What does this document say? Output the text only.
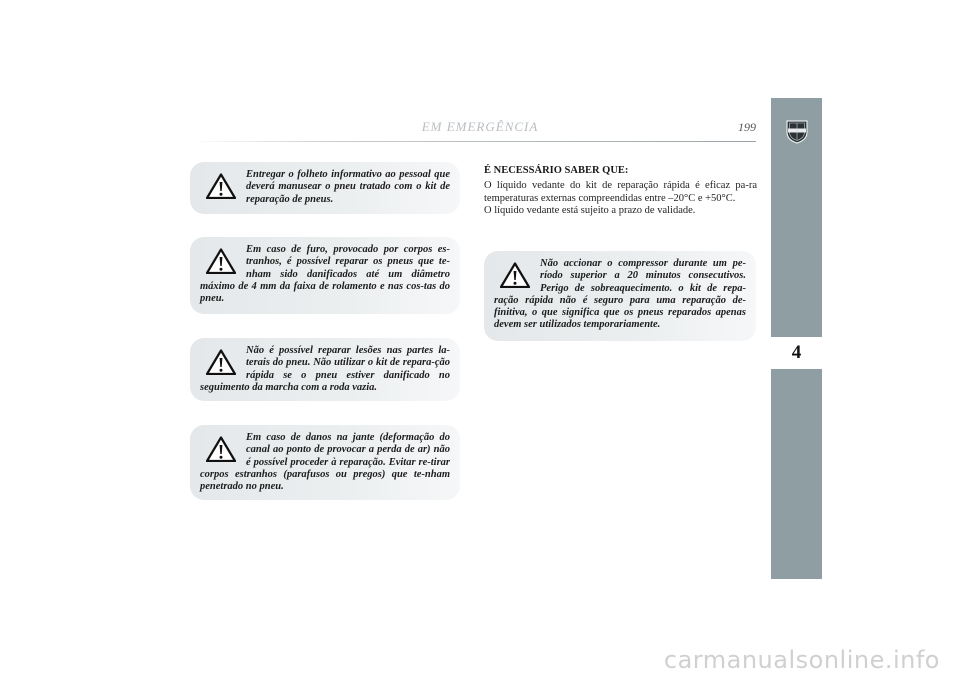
EM EMERGÊNCIA	199
4
Entregar o folheto informativo ao pessoal que deverá manusear o pneu tratado com o kit de reparação de pneus.
Em caso de furo, provocado por corpos es-tranhos, é possível reparar os pneus que te-nham sido danificados até um diâmetro máximo de 4 mm da faixa de rolamento e nas cos-tas do pneu.
Não é possível reparar lesões nas partes la-terais do pneu. Não utilizar o kit de repara-ção rápida se o pneu estiver danificado no seguimento da marcha com a roda vazia.
Em caso de danos na jante (deformação do canal ao ponto de provocar a perda de ar) não é possível proceder à reparação. Evitar re-tirar corpos estranhos (parafusos ou pregos) que te-nham penetrado no pneu.
É NECESSÁRIO SABER QUE:

O líquido vedante do kit de reparação rápida é eficaz pa-ra temperaturas externas compreendidas entre –20°C e +50°C.

O líquido vedante está sujeito a prazo de validade.

Não accionar o compressor durante um pe-ríodo superior a 20 minutos consecutivos. Perigo de sobreaquecimento. o kit de repa-ração rápida não é seguro para uma reparação de-finitiva, o que significa que os pneus reparados apenas devem ser utilizados temporariamente.
carmanualsonline.info
